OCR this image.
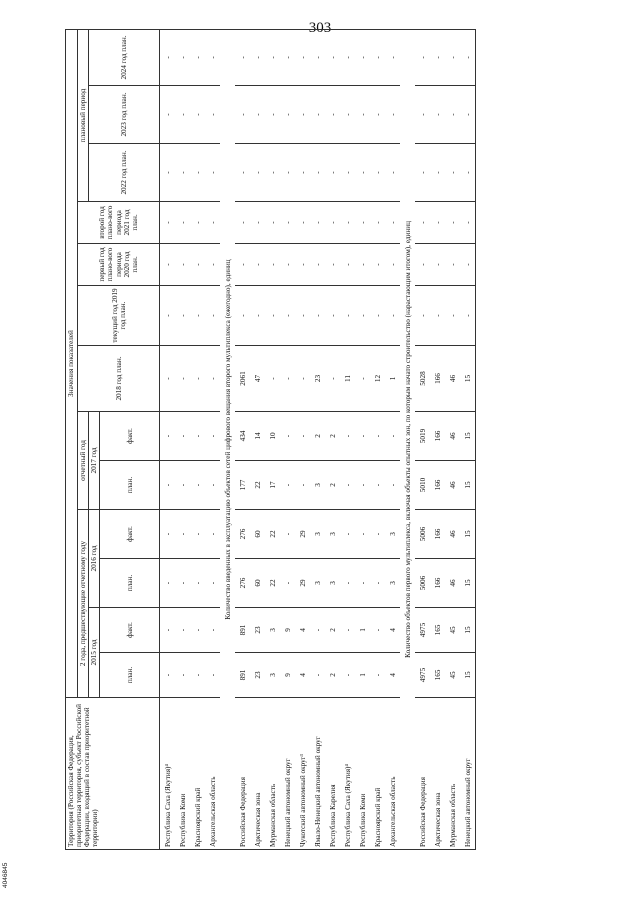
303
4046845
Территория (Российская Федерация, приоритетная территория, субъект Российской Федерации, входящий в состав приоритетной территории)	Значения показателей												
	2 года, предшествующие отчетному году				отчетный год		2018 год план.	текущий год 2019 год план.	первый год плано-вого периода 2020 год план.	второй год плано-вого периода 2021 год план.	плановый период		
	2015 год		2016 год		2017 год						2022 год план.	2023 год план.	2024 год план.
	план.	факт.	план.	факт.	план.	факт.							
Республика Саха (Якутия)⁴	-	-	-	-	-	-	-	-	-	-	-	-	-
Республика Коми	-	-	-	-	-	-	-	-	-	-	-	-	-
Красноярский край	-	-	-	-	-	-	-	-	-	-	-	-	-
Архангельская область	-	-	-	-	-	-	-	-	-	-	-	-	-
Количество введенных в эксплуатацию объектов сетей цифрового вещания второго мультиплекса (ежегодно), единиц													
Российская Федерация	891	891	276	276	177	434	2061	-	-	-	-	-	-
Арктическая зона	23	23	60	60	22	14	47	-	-	-	-	-	-
Мурманская область	3	3	22	22	17	10	-	-	-	-	-	-	-
Ненецкий автономный округ	9	9	-	-	-	-	-	-	-	-	-	-	-
Чукотский автономный округ³	4	4	29	29	-	-	-	-	-	-	-	-	-
Ямало-Ненецкий автономный округ	-	-	3	3	3	2	23	-	-	-	-	-	-
Республика Карелия	2	2	3	3	2	2	-	-	-	-	-	-	-
Республика Саха (Якутия)⁴	-	-	-	-	-	-	11	-	-	-	-	-	-
Республика Коми	1	1	-	-	-	-	-	-	-	-	-	-	-
Красноярский край	-	-	-	-	-	-	12	-	-	-	-	-	-
Архангельская область	4	4	3	3	-	-	1	-	-	-	-	-	-
Количество объектов первого мультиплекса, включая объекты опытных зон, по которым начато строительство (нарастающим итогом), единиц													
Российская Федерация	4975	4975	5006	5006	5010	5019	5028	-	-	-	-	-	-
Арктическая зона	165	165	166	166	166	166	166	-	-	-	-	-	-
Мурманская область	45	45	46	46	46	46	46	-	-	-	-	-	-
Ненецкий автономный округ	15	15	15	15	15	15	15	-	-	-	-	-	-
